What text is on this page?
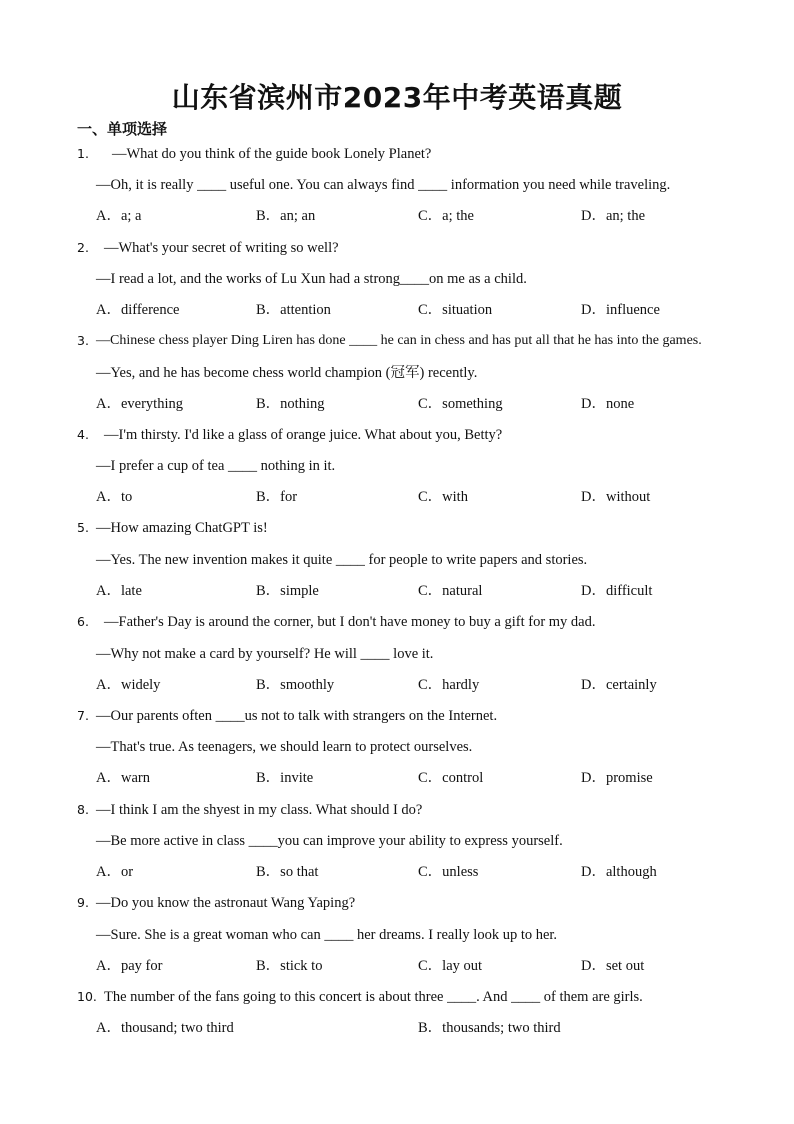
山东省滨州市2023年中考英语真题
一、单项选择
1. —What do you think of the guide book Lonely Planet?
—Oh, it is really ____ useful one. You can always find ____ information you need while traveling.
A．a; a	B．an; an	C．a; the	D．an; the
2. —What's your secret of writing so well?
—I read a lot, and the works of Lu Xun had a strong____on me as a child.
A．difference	B．attention	C．situation	D．influence
3. —Chinese chess player Ding Liren has done ____ he can in chess and has put all that he has into the games.
—Yes, and he has become chess world champion (冠军) recently.
A．everything	B．nothing	C．something	D．none
4. —I'm thirsty. I'd like a glass of orange juice. What about you, Betty?
—I prefer a cup of tea ____ nothing in it.
A．to	B．for	C．with	D．without
5. —How amazing ChatGPT is!
—Yes. The new invention makes it quite ____ for people to write papers and stories.
A．late	B．simple	C．natural	D．difficult
6. —Father's Day is around the corner, but I don't have money to buy a gift for my dad.
—Why not make a card by yourself? He will ____ love it.
A．widely	B．smoothly	C．hardly	D．certainly
7. —Our parents often ____us not to talk with strangers on the Internet.
—That's true. As teenagers, we should learn to protect ourselves.
A．warn	B．invite	C．control	D．promise
8. —I think I am the shyest in my class. What should I do?
—Be more active in class ____you can improve your ability to express yourself.
A．or	B．so that	C．unless	D．although
9. —Do you know the astronaut Wang Yaping?
—Sure. She is a great woman who can ____ her dreams. I really look up to her.
A．pay for	B．stick to	C．lay out	D．set out
10. The number of the fans going to this concert is about three ____. And ____ of them are girls.
A．thousand; two third	B．thousands; two third
